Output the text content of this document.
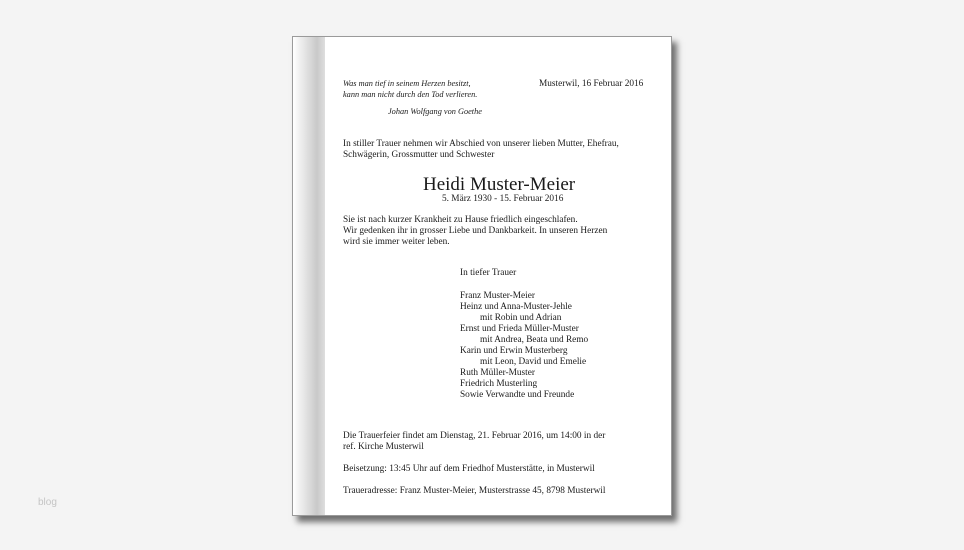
blog
Was man tief in seinem Herzen besitzt,
kann man nicht durch den Tod verlieren.
Johan Wolfgang von Goethe
Musterwil, 16 Februar 2016
In stiller Trauer nehmen wir Abschied von unserer lieben Mutter, Ehefrau,
Schwägerin, Grossmutter und Schwester
Heidi Muster-Meier
5. März 1930 - 15. Februar 2016
Sie ist nach kurzer Krankheit zu Hause friedlich eingeschlafen.
Wir gedenken ihr in grosser Liebe und Dankbarkeit. In unseren Herzen
wird sie immer weiter leben.
In tiefer Trauer
Franz Muster-Meier
Heinz und Anna-Muster-Jehle
mit Robin und Adrian
Ernst und Frieda Müller-Muster
mit Andrea, Beata und Remo
Karin und Erwin Musterberg
mit Leon, David und Emelie
Ruth Müller-Muster
Friedrich Musterling
Sowie Verwandte und Freunde
Die Trauerfeier findet am Dienstag, 21. Februar 2016, um 14:00 in der
ref. Kirche Musterwil
Beisetzung: 13:45 Uhr auf dem Friedhof Musterstätte, in Musterwil
Traueradresse: Franz Muster-Meier, Musterstrasse 45, 8798 Musterwil
